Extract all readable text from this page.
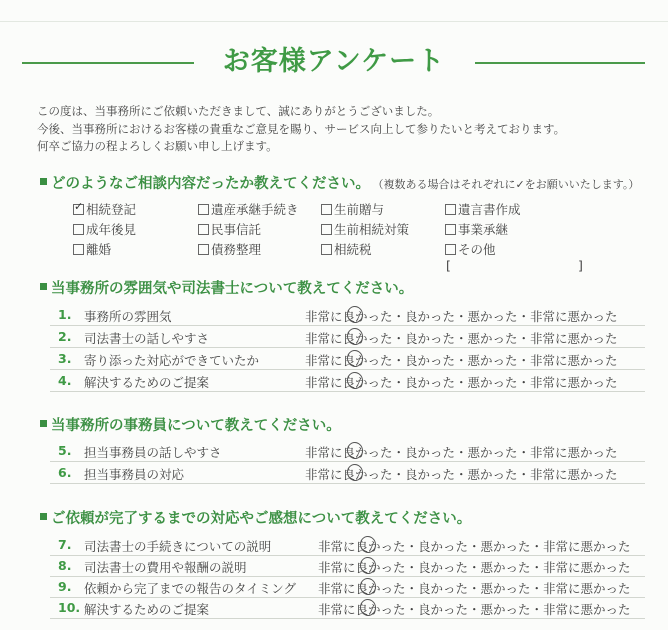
お客様アンケート
この度は、当事務所にご依頼いただきまして、誠にありがとうございました。
今後、当事務所におけるお客様の貴重なご意見を賜り、サービス向上して参りたいと考えております。
何卒ご協力の程よろしくお願い申し上げます。
どのようなご相談内容だったか教えてください。 （複数ある場合はそれぞれに✓をお願いいたします。）
✓相続登記	遺産承継手続き	生前贈与	遺言書作成
成年後見	民事信託	生前相続対策	事業承継
離婚	債務整理	相続税	その他
[	]
当事務所の雰囲気や司法書士について教えてください。
1. 事務所の雰囲気	非常に良かった・良かった・悪かった・非常に悪かった
2. 司法書士の話しやすさ	非常に良かった・良かった・悪かった・非常に悪かった
3. 寄り添った対応ができていたか	非常に良かった・良かった・悪かった・非常に悪かった
4. 解決するためのご提案	非常に良かった・良かった・悪かった・非常に悪かった
当事務所の事務員について教えてください。
5. 担当事務員の話しやすさ	非常に良かった・良かった・悪かった・非常に悪かった
6. 担当事務員の対応	非常に良かった・良かった・悪かった・非常に悪かった
ご依頼が完了するまでの対応やご感想について教えてください。
7. 司法書士の手続きについての説明	非常に良かった・良かった・悪かった・非常に悪かった
8. 司法書士の費用や報酬の説明	非常に良かった・良かった・悪かった・非常に悪かった
9. 依頼から完了までの報告のタイミング 非常に良かった・良かった・悪かった・非常に悪かった
10. 解決するためのご提案	非常に良かった・良かった・悪かった・非常に悪かった
